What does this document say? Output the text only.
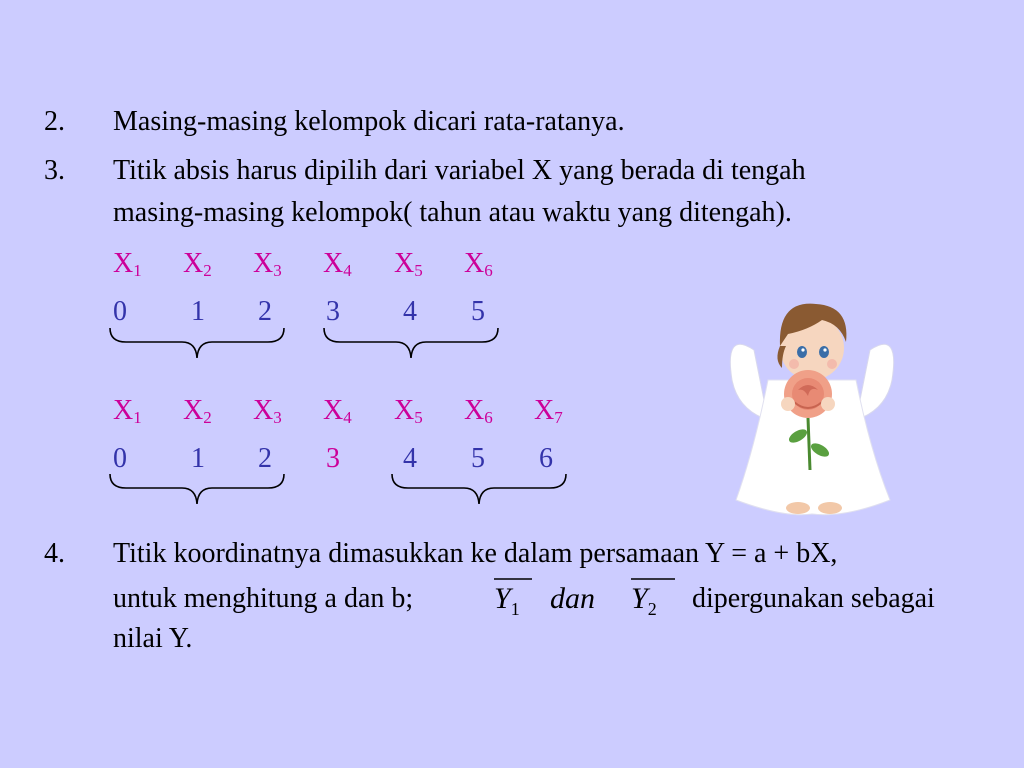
2. Masing-masing kelompok dicari rata-ratanya.
3. Titik absis harus dipilih dari variabel X yang berada di tengah
masing-masing kelompok( tahun atau waktu yang ditengah).
$X_1$ $X_2$ $X_3$ $X_4$ $X_5$ $X_6$
0 1 2 3 4 5
$X_1$ $X_2$ $X_3$ $X_4$ $X_5$ $X_6$ $X_7$
0 1 2 3 4 5 6
4. Titik koordinatnya dimasukkan ke dalam persamaan Y = a + bX,
untuk menghitung a dan b;	$Y_1$ dan $Y_2$ dipergunakan sebagai
nilai Y.
